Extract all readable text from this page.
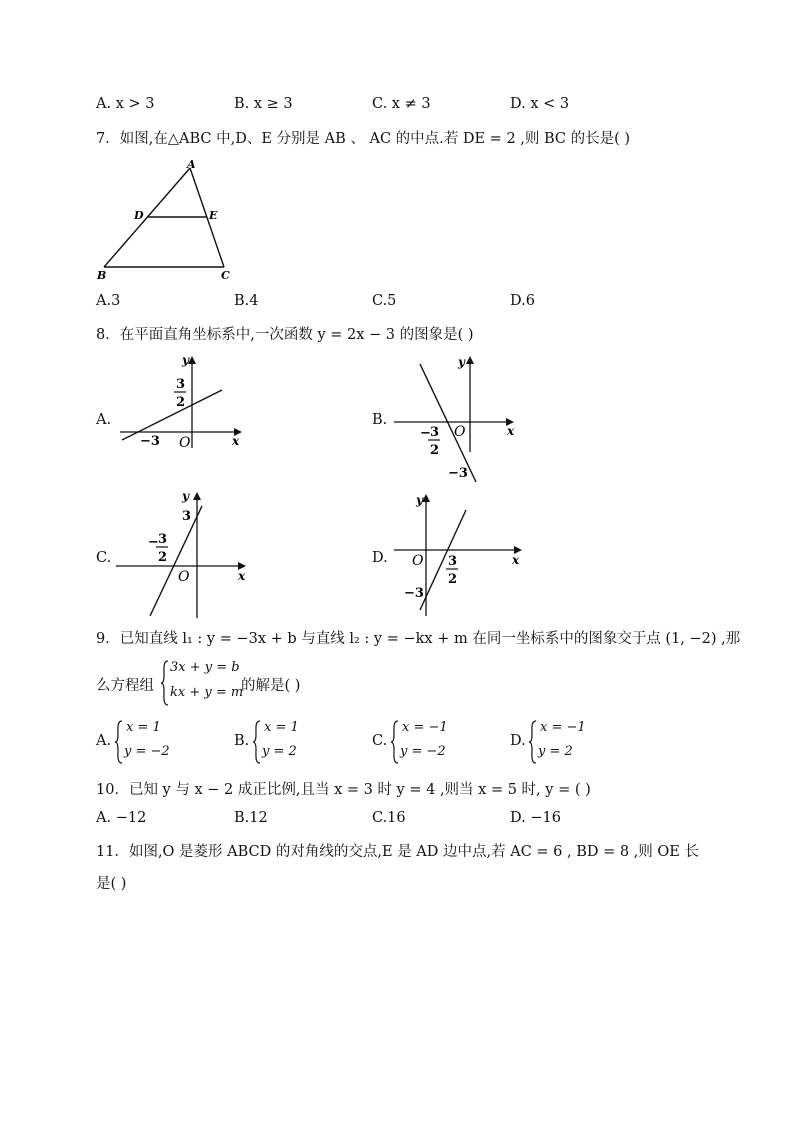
A. x > 3	B. x ≥ 3	C. x ≠ 3	D. x < 3
7．如图,在△ABC 中,D、E 分别是 AB 、 AC 的中点.若 DE = 2 ,则 BC 的长是( )
A
D	E
B	C
A.3	B.4	C.5	D.6
8．在平面直角坐标系中,一次函数 y = 2x − 3 的图象是( )
A.
y
x
O
−3
3
2
B.
y
x
O
− 3
2
−3
C.
y
x
O
3
− 3
2	D.
y
x
O 3
2
−3
9．已知直线 l₁ : y = −3x + b 与直线 l₂ : y = −kx + m 在同一坐标系中的图象交于点 (1, −2) ,那
么方程组
3x + y = b
kx + y = m
的解是( )
A.
x = 1
y = −2
B.
x = 1
y = 2
C.
x = −1
y = −2
D.
x = −1
y = 2
10．已知 y 与 x − 2 成正比例,且当 x = 3 时 y = 4 ,则当 x = 5 时, y = ( )
A. −12	B.12	C.16	D. −16
11．如图,O 是菱形 ABCD 的对角线的交点,E 是 AD 边中点,若 AC = 6 , BD = 8 ,则 OE 长
是( )
